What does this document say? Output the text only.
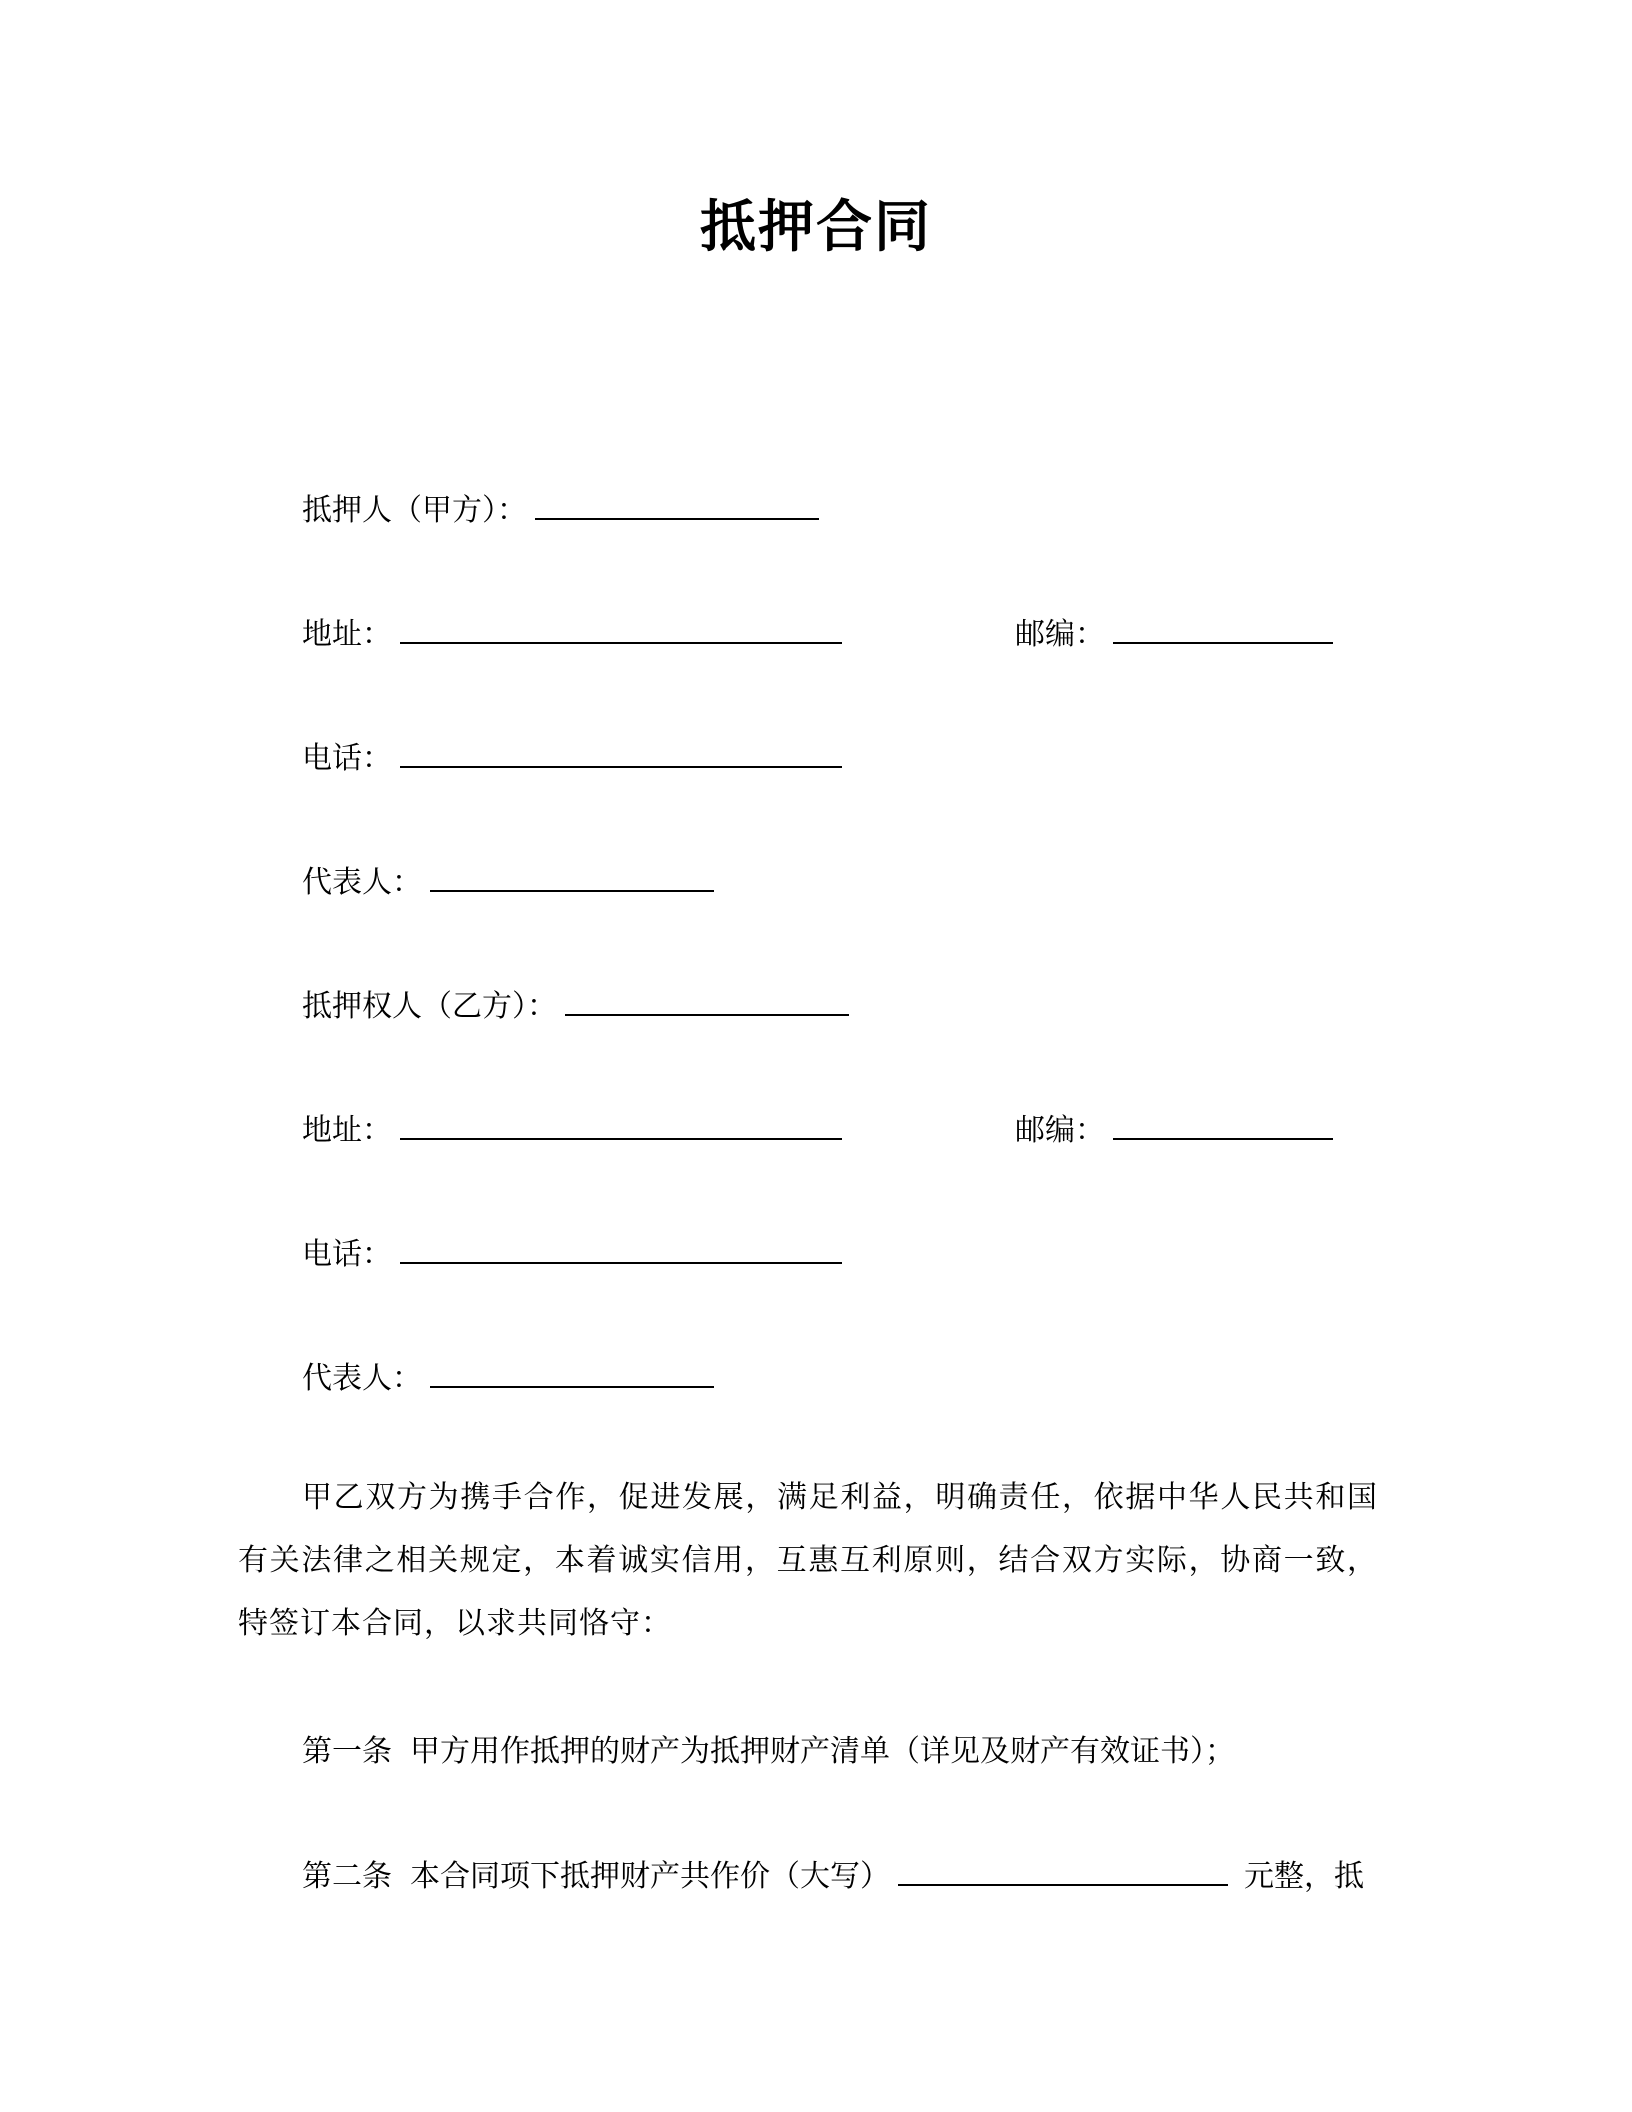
抵押合同
抵押人（甲方）：
地址：	邮编：
电话：
代表人：
抵押权人（乙方）：
地址：	邮编：
电话：
代表人：
甲乙双方为携手合作，促进发展，满足利益，明确责任，依据中华人民共和国有关法律之相关规定，本着诚实信用，互惠互利原则，结合双方实际，协商一致，特签订本合同，以求共同恪守：
第一条 甲方用作抵押的财产为抵押财产清单（详见及财产有效证书）；
第二条 本合同项下抵押财产共作价（大写）	元整，抵
